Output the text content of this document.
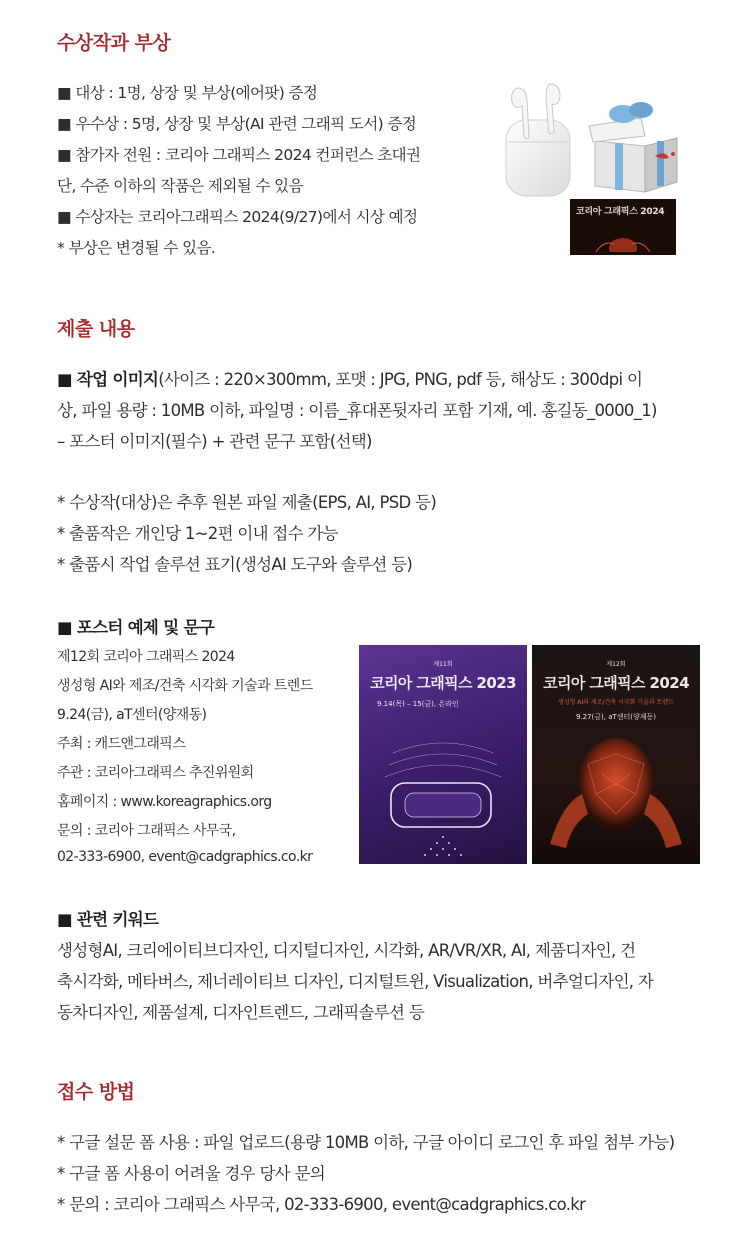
수상작과 부상
■ 대상 : 1명, 상장 및 부상(에어팟) 증정
■ 우수상 : 5명, 상장 및 부상(AI 관련 그래픽 도서) 증정
■ 참가자 전원 : 코리아 그래픽스 2024 컨퍼런스 초대권
단, 수준 이하의 작품은 제외될 수 있음
■ 수상자는 코리아그래픽스 2024(9/27)에서 시상 예정
* 부상은 변경될 수 있음.
코리아 그래픽스 2024

제출 내용
■ 작업 이미지(사이즈 : 220×300mm, 포맷 : JPG, PNG, pdf 등, 해상도 : 300dpi 이
상, 파일 용량 : 10MB 이하, 파일명 : 이름_휴대폰뒷자리 포함 기재, 예. 홍길동_0000_1)
– 포스터 이미지(필수) + 관련 문구 포함(선택)
* 수상작(대상)은 추후 원본 파일 제출(EPS, AI, PSD 등)
* 출품작은 개인당 1~2편 이내 접수 가능
* 출품시 작업 솔루션 표기(생성AI 도구와 솔루션 등)
■ 포스터 예제 및 문구
제12회 코리아 그래픽스 2024
생성형 AI와 제조/건축 시각화 기술과 트렌드
9.24(금), aT센터(양재동)
주최 : 캐드앤그래픽스
주관 : 코리아그래픽스 추진위원회
홈페이지 : www.koreagraphics.org
문의 : 코리아 그래픽스 사무국,
02-333-6900, event@cadgraphics.co.kr
제11회
코리아 그래픽스 2023
9.14(목) – 15(금), 온라인
제12회
코리아 그래픽스 2024
생성형 AI와 제조/건축 시각화 기술과 트렌드
9.27(금), aT센터(양재동)
■ 관련 키워드
생성형AI, 크리에이티브디자인, 디지털디자인, 시각화, AR/VR/XR, AI, 제품디자인, 건
축시각화, 메타버스, 제너레이티브 디자인, 디지털트윈, Visualization, 버추얼디자인, 자
동차디자인, 제품설계, 디자인트렌드, 그래픽솔루션 등
접수 방법
* 구글 설문 폼 사용 : 파일 업로드(용량 10MB 이하, 구글 아이디 로그인 후 파일 첨부 가능)
* 구글 폼 사용이 어려울 경우 당사 문의
* 문의 : 코리아 그래픽스 사무국, 02-333-6900, event@cadgraphics.co.kr
